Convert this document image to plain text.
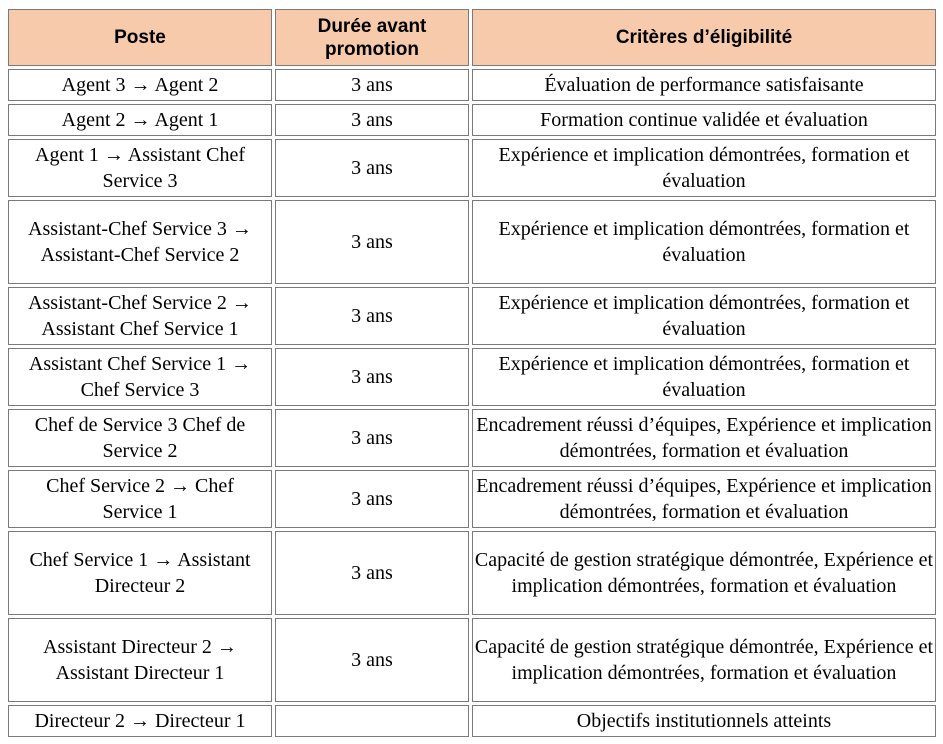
Poste	Durée avant promotion	Critères d’éligibilité
Agent 3 → Agent 2	3 ans	Évaluation de performance satisfaisante
Agent 2 → Agent 1	3 ans	Formation continue validée et évaluation
Agent 1 → Assistant Chef Service 3	3 ans	Expérience et implication démontrées, formation et évaluation
Assistant-Chef Service 3 → Assistant-Chef Service 2	3 ans	Expérience et implication démontrées, formation et évaluation
Assistant-Chef Service 2 → Assistant Chef Service 1	3 ans	Expérience et implication démontrées, formation et évaluation
Assistant Chef Service 1 → Chef Service 3	3 ans	Expérience et implication démontrées, formation et évaluation
Chef de Service 3 Chef de Service 2	3 ans	Encadrement réussi d’équipes, Expérience et implication démontrées, formation et évaluation
Chef Service 2 → Chef Service 1	3 ans	Encadrement réussi d’équipes, Expérience et implication démontrées, formation et évaluation
Chef Service 1 → Assistant Directeur 2	3 ans	Capacité de gestion stratégique démontrée, Expérience et implication démontrées, formation et évaluation
Assistant Directeur 2 → Assistant Directeur 1	3 ans	Capacité de gestion stratégique démontrée, Expérience et implication démontrées, formation et évaluation
Directeur 2 → Directeur 1		Objectifs institutionnels atteints
